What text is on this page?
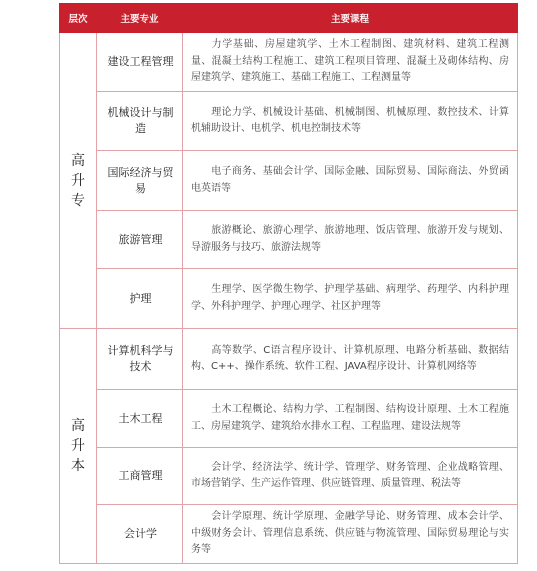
层次	主要专业	主要课程
高升专	建设工程管理	力学基础、房屋建筑学、土木工程制图、建筑材料、建筑工程测量、混凝土结构工程施工、建筑工程项目管理、混凝土及砌体结构、房屋建筑学、建筑施工、基础工程施工、工程测量等
	机械设计与制造	理论力学、机械设计基础、机械制图、机械原理、数控技术、计算机辅助设计、电机学、机电控制技术等
	国际经济与贸易	电子商务、基础会计学、国际金融、国际贸易、国际商法、外贸函电英语等
	旅游管理	旅游概论、旅游心理学、旅游地理、饭店管理、旅游开发与规划、导游服务与技巧、旅游法规等
	护理	生理学、医学微生物学、护理学基础、病理学、药理学、内科护理学、外科护理学、护理心理学、社区护理等
高升本	计算机科学与技术	高等数学、C语言程序设计、计算机原理、电路分析基础、数据结构、C++、操作系统、软件工程、JAVA程序设计、计算机网络等
	土木工程	土木工程概论、结构力学、工程制图、结构设计原理、土木工程施工、房屋建筑学、建筑给水排水工程、工程监理、建设法规等
	工商管理	会计学、经济法学、统计学、管理学、财务管理、企业战略管理、市场营销学、生产运作管理、供应链管理、质量管理、税法等
	会计学	会计学原理、统计学原理、金融学导论、财务管理、成本会计学、中级财务会计、管理信息系统、供应链与物流管理、国际贸易理论与实务等
